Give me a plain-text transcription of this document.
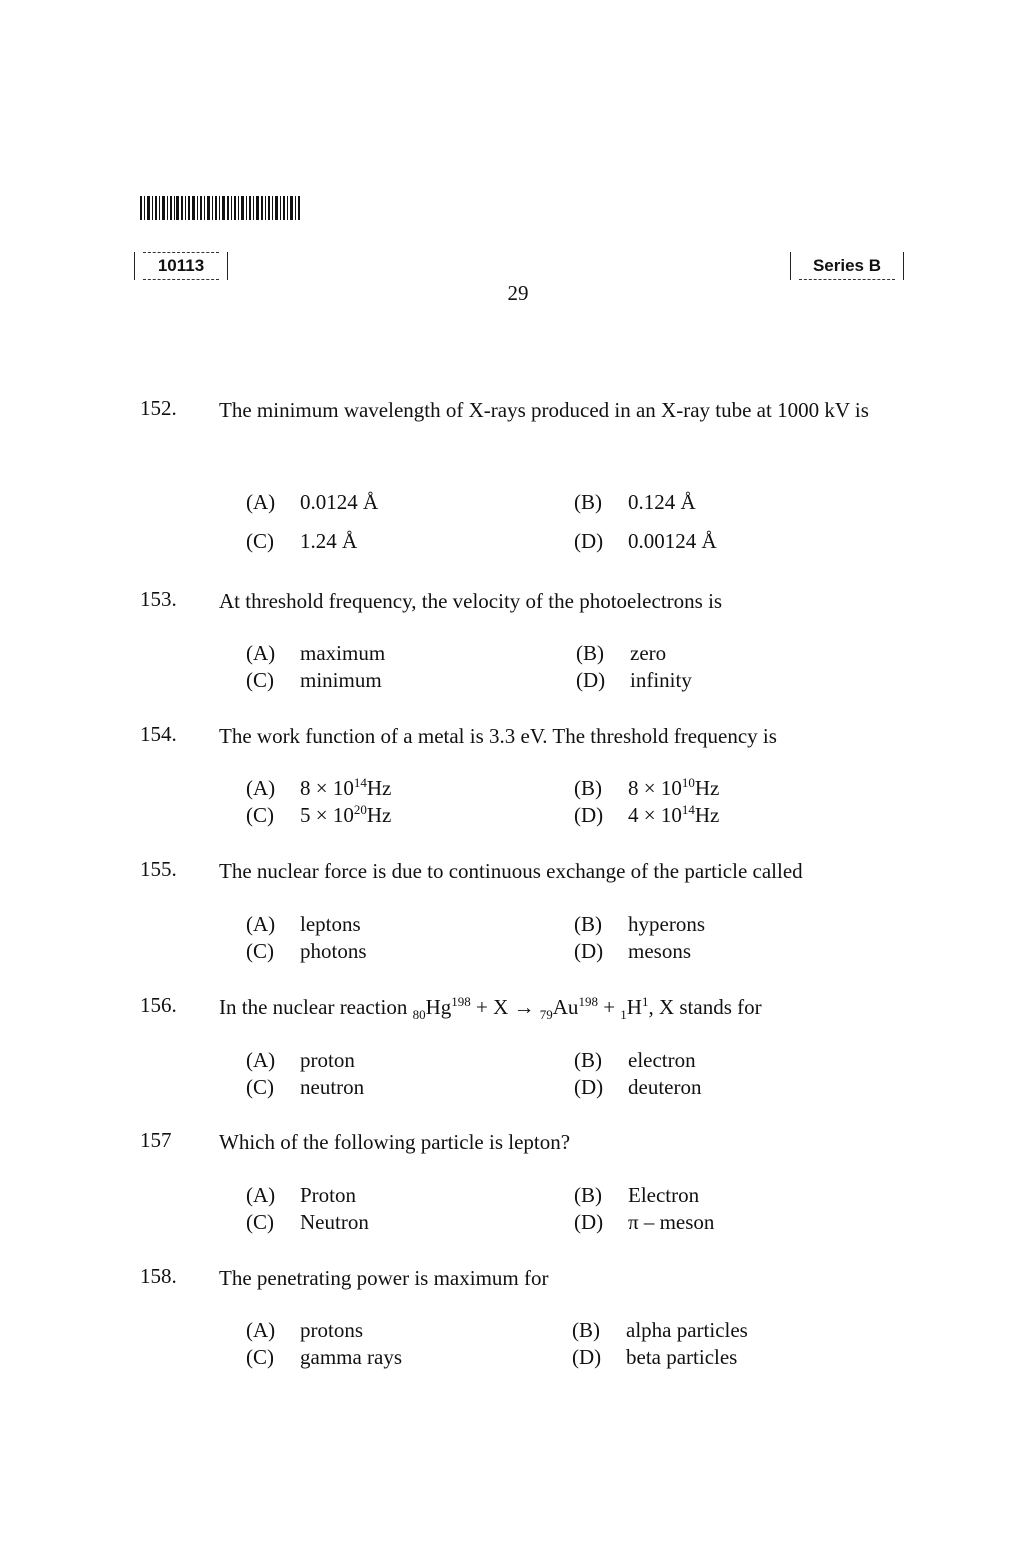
10113	Series B
29
152. The minimum wavelength of X-rays produced in an X-ray tube at 1000 kV is
(A) 0.0124 Å	(B) 0.124 Å
(C) 1.24 Å	(D) 0.00124 Å
153. At threshold frequency, the velocity of the photoelectrons is
(A) maximum	(B) zero
(C) minimum	(D) infinity
154. The work function of a metal is 3.3 eV. The threshold frequency is
(A) $8 \times 10^{14}Hz$	(B) $8 \times 10^{10}Hz$
(C) $5 \times 10^{20}Hz$	(D) $4 \times 10^{14}Hz$
155. The nuclear force is due to continuous exchange of the particle called
(A) leptons	(B) hyperons
(C) photons	(D) mesons
156. In the nuclear reaction $_{80}Hg^{198} + X \to _{79}Au^{198} + _1H^1$, X stands for
(A) proton	(B) electron
(C) neutron	(D) deuteron
157 Which of the following particle is lepton?
(A) Proton	(B) Electron
(C) Neutron	(D) π – meson
158. The penetrating power is maximum for
(A) protons	(B) alpha particles
(C) gamma rays	(D) beta particles
